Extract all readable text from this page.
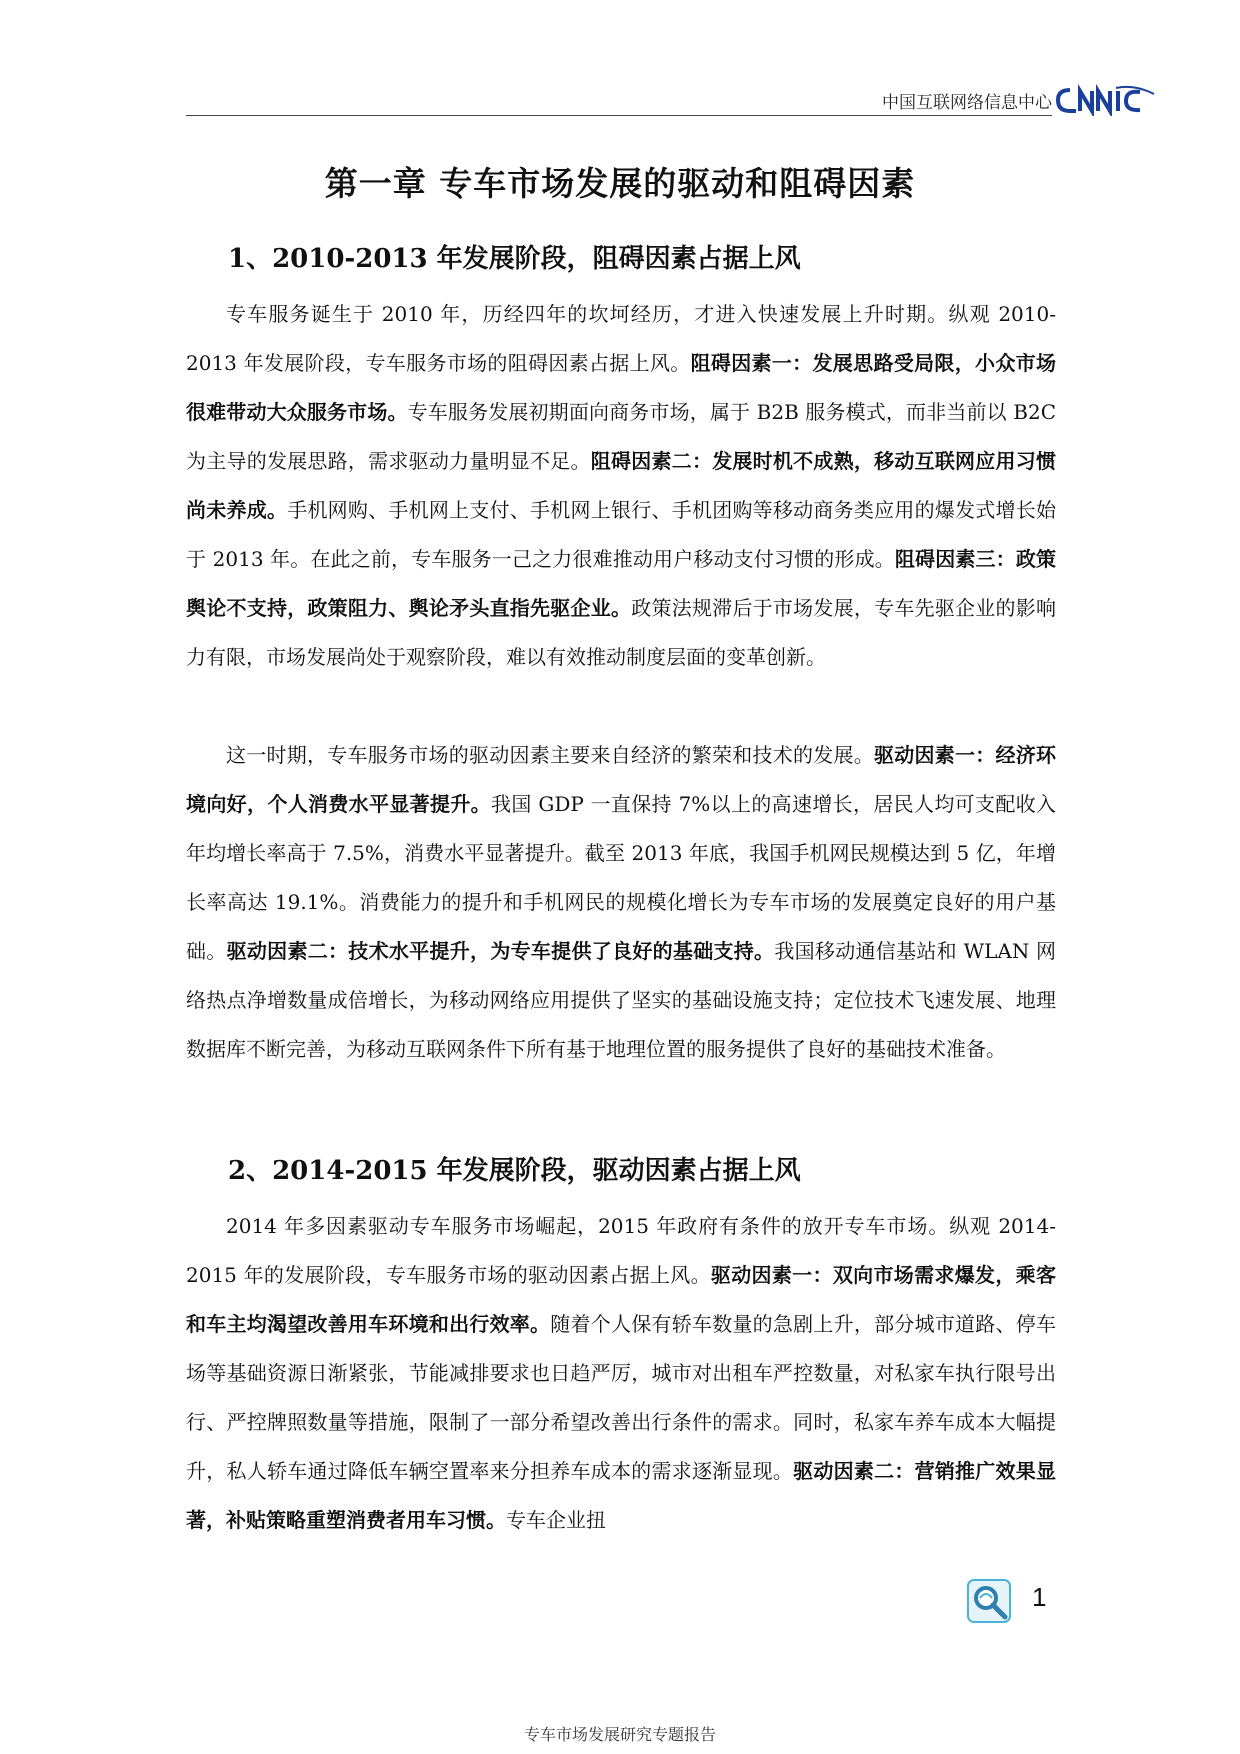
中国互联网络信息中心
第一章 专车市场发展的驱动和阻碍因素
1、2010-2013 年发展阶段，阻碍因素占据上风

专车服务诞生于 2010 年，历经四年的坎坷经历，才进入快速发展上升时期。纵观 2010-2013 年发展阶段，专车服务市场的阻碍因素占据上风。阻碍因素一：发展思路受局限，小众市场很难带动大众服务市场。专车服务发展初期面向商务市场，属于 B2B 服务模式，而非当前以 B2C 为主导的发展思路，需求驱动力量明显不足。阻碍因素二：发展时机不成熟，移动互联网应用习惯尚未养成。手机网购、手机网上支付、手机网上银行、手机团购等移动商务类应用的爆发式增长始于 2013 年。在此之前，专车服务一己之力很难推动用户移动支付习惯的形成。阻碍因素三：政策舆论不支持，政策阻力、舆论矛头直指先驱企业。政策法规滞后于市场发展，专车先驱企业的影响力有限，市场发展尚处于观察阶段，难以有效推动制度层面的变革创新。

这一时期，专车服务市场的驱动因素主要来自经济的繁荣和技术的发展。驱动因素一：经济环境向好，个人消费水平显著提升。我国 GDP 一直保持 7%以上的高速增长，居民人均可支配收入年均增长率高于 7.5%，消费水平显著提升。截至 2013 年底，我国手机网民规模达到 5 亿，年增长率高达 19.1%。消费能力的提升和手机网民的规模化增长为专车市场的发展奠定良好的用户基础。驱动因素二：技术水平提升，为专车提供了良好的基础支持。我国移动通信基站和 WLAN 网络热点净增数量成倍增长，为移动网络应用提供了坚实的基础设施支持；定位技术飞速发展、地理数据库不断完善，为移动互联网条件下所有基于地理位置的服务提供了良好的基础技术准备。

2、2014-2015 年发展阶段，驱动因素占据上风

2014 年多因素驱动专车服务市场崛起，2015 年政府有条件的放开专车市场。纵观 2014-2015 年的发展阶段，专车服务市场的驱动因素占据上风。驱动因素一：双向市场需求爆发，乘客和车主均渴望改善用车环境和出行效率。随着个人保有轿车数量的急剧上升，部分城市道路、停车场等基础资源日渐紧张，节能减排要求也日趋严厉，城市对出租车严控数量，对私家车执行限号出行、严控牌照数量等措施，限制了一部分希望改善出行条件的需求。同时，私家车养车成本大幅提升，私人轿车通过降低车辆空置率来分担养车成本的需求逐渐显现。驱动因素二：营销推广效果显著，补贴策略重塑消费者用车习惯。专车企业扭

1
专车市场发展研究专题报告
